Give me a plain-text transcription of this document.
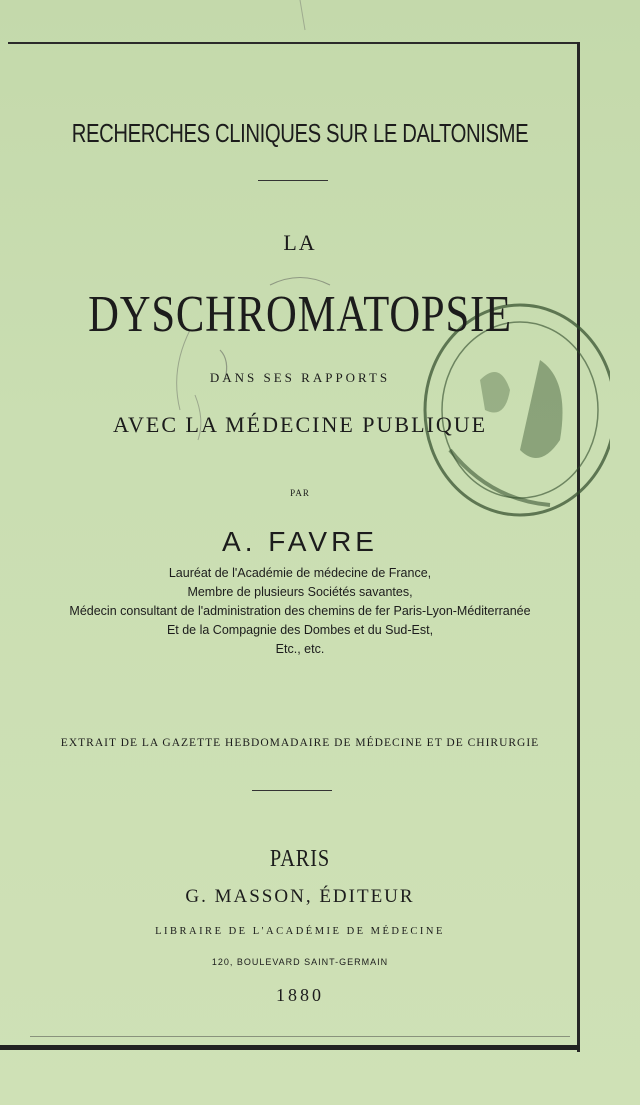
RECHERCHES CLINIQUES SUR LE DALTONISME
LA
DYSCHROMATOPSIE
DANS SES RAPPORTS
AVEC LA MÉDECINE PUBLIQUE
PAR
A. FAVRE
Lauréat de l'Académie de médecine de France,
Membre de plusieurs Sociétés savantes,
Médecin consultant de l'administration des chemins de fer Paris-Lyon-Méditerranée
Et de la Compagnie des Dombes et du Sud-Est,
Etc., etc.
EXTRAIT DE LA GAZETTE HEBDOMADAIRE DE MÉDECINE ET DE CHIRURGIE
PARIS
G. MASSON, ÉDITEUR
LIBRAIRE DE L'ACADÉMIE DE MÉDECINE
120, BOULEVARD SAINT-GERMAIN
1880
